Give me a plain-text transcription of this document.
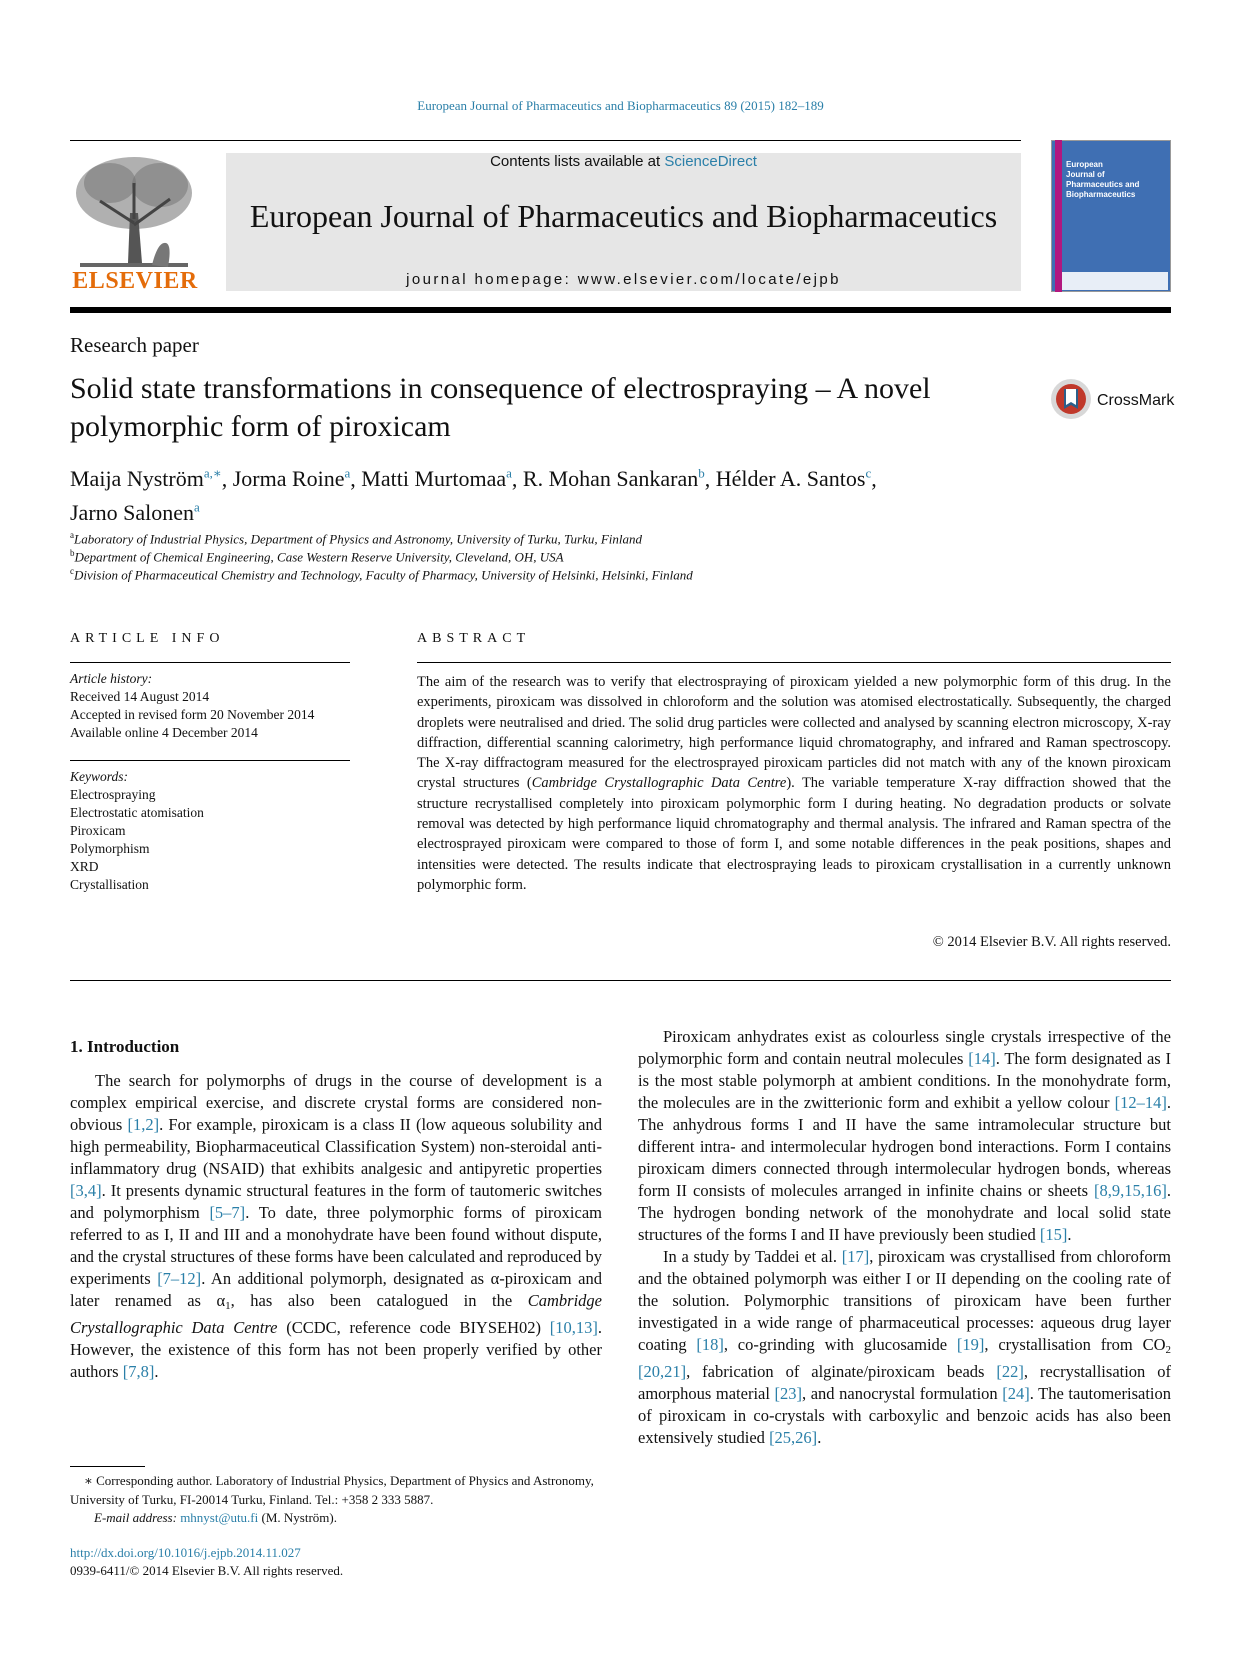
European Journal of Pharmaceutics and Biopharmaceutics 89 (2015) 182–189
ELSEVIER
Contents lists available at ScienceDirect
European Journal of Pharmaceutics and Biopharmaceutics
journal homepage: www.elsevier.com/locate/ejpb
European
Journal of
Pharmaceutics and
Biopharmaceutics
Research paper
Solid state transformations in consequence of electrospraying – A novel polymorphic form of piroxicam
CrossMark
Maija Nyström$^{a,∗}$, Jorma Roine$^a$, Matti Murtomaa$^a$, R. Mohan Sankaran$^b$, Hélder A. Santos$^c$,
Jarno Salonen$^a$
$^a$Laboratory of Industrial Physics, Department of Physics and Astronomy, University of Turku, Turku, Finland
$^b$Department of Chemical Engineering, Case Western Reserve University, Cleveland, OH, USA
$^c$Division of Pharmaceutical Chemistry and Technology, Faculty of Pharmacy, University of Helsinki, Helsinki, Finland
ARTICLE INFO
Article history:
Received 14 August 2014
Accepted in revised form 20 November 2014
Available online 4 December 2014
Keywords:
Electrospraying
Electrostatic atomisation
Piroxicam
Polymorphism
XRD
Crystallisation
ABSTRACT
The aim of the research was to verify that electrospraying of piroxicam yielded a new polymorphic form of this drug. In the experiments, piroxicam was dissolved in chloroform and the solution was atomised electrostatically. Subsequently, the charged droplets were neutralised and dried. The solid drug particles were collected and analysed by scanning electron microscopy, X-ray diffraction, differential scanning calorimetry, high performance liquid chromatography, and infrared and Raman spectroscopy. The X-ray diffractogram measured for the electrosprayed piroxicam particles did not match with any of the known piroxicam crystal structures (Cambridge Crystallographic Data Centre). The variable temperature X-ray diffraction showed that the structure recrystallised completely into piroxicam polymorphic form I during heating. No degradation products or solvate removal was detected by high performance liquid chromatography and thermal analysis. The infrared and Raman spectra of the electrosprayed piroxicam were compared to those of form I, and some notable differences in the peak positions, shapes and intensities were detected. The results indicate that electrospraying leads to piroxicam crystallisation in a currently unknown polymorphic form.
© 2014 Elsevier B.V. All rights reserved.
1. Introduction

The search for polymorphs of drugs in the course of development is a complex empirical exercise, and discrete crystal forms are considered non-obvious [1,2]. For example, piroxicam is a class II (low aqueous solubility and high permeability, Biopharmaceutical Classification System) non-steroidal anti-inflammatory drug (NSAID) that exhibits analgesic and antipyretic properties [3,4]. It presents dynamic structural features in the form of tautomeric switches and polymorphism [5–7]. To date, three polymorphic forms of piroxicam referred to as I, II and III and a monohydrate have been found without dispute, and the crystal structures of these forms have been calculated and reproduced by experiments [7–12]. An additional polymorph, designated as α-piroxicam and later renamed as $\alpha_1$, has also been catalogued in the Cambridge Crystallographic Data Centre (CCDC, reference code BIYSEH02) [10,13]. However, the existence of this form has not been properly verified by other authors [7,8].

Piroxicam anhydrates exist as colourless single crystals irrespective of the polymorphic form and contain neutral molecules [14]. The form designated as I is the most stable polymorph at ambient conditions. In the monohydrate form, the molecules are in the zwitterionic form and exhibit a yellow colour [12–14]. The anhydrous forms I and II have the same intramolecular structure but different intra- and intermolecular hydrogen bond interactions. Form I contains piroxicam dimers connected through intermolecular hydrogen bonds, whereas form II consists of molecules arranged in infinite chains or sheets [8,9,15,16]. The hydrogen bonding network of the monohydrate and local solid state structures of the forms I and II have previously been studied [15].

In a study by Taddei et al. [17], piroxicam was crystallised from chloroform and the obtained polymorph was either I or II depending on the cooling rate of the solution. Polymorphic transitions of piroxicam have been further investigated in a wide range of pharmaceutical processes: aqueous drug layer coating [18], co-grinding with glucosamide [19], crystallisation from $CO_2$ [20,21], fabrication of alginate/piroxicam beads [22], recrystallisation of amorphous material [23], and nanocrystal formulation [24]. The tautomerisation of piroxicam in co-crystals with carboxylic and benzoic acids has also been extensively studied [25,26].

∗ Corresponding author. Laboratory of Industrial Physics, Department of Physics and Astronomy, University of Turku, FI-20014 Turku, Finland. Tel.: +358 2 333 5887.
E-mail address: mhnyst@utu.fi (M. Nyström).
http://dx.doi.org/10.1016/j.ejpb.2014.11.027
0939-6411/© 2014 Elsevier B.V. All rights reserved.
